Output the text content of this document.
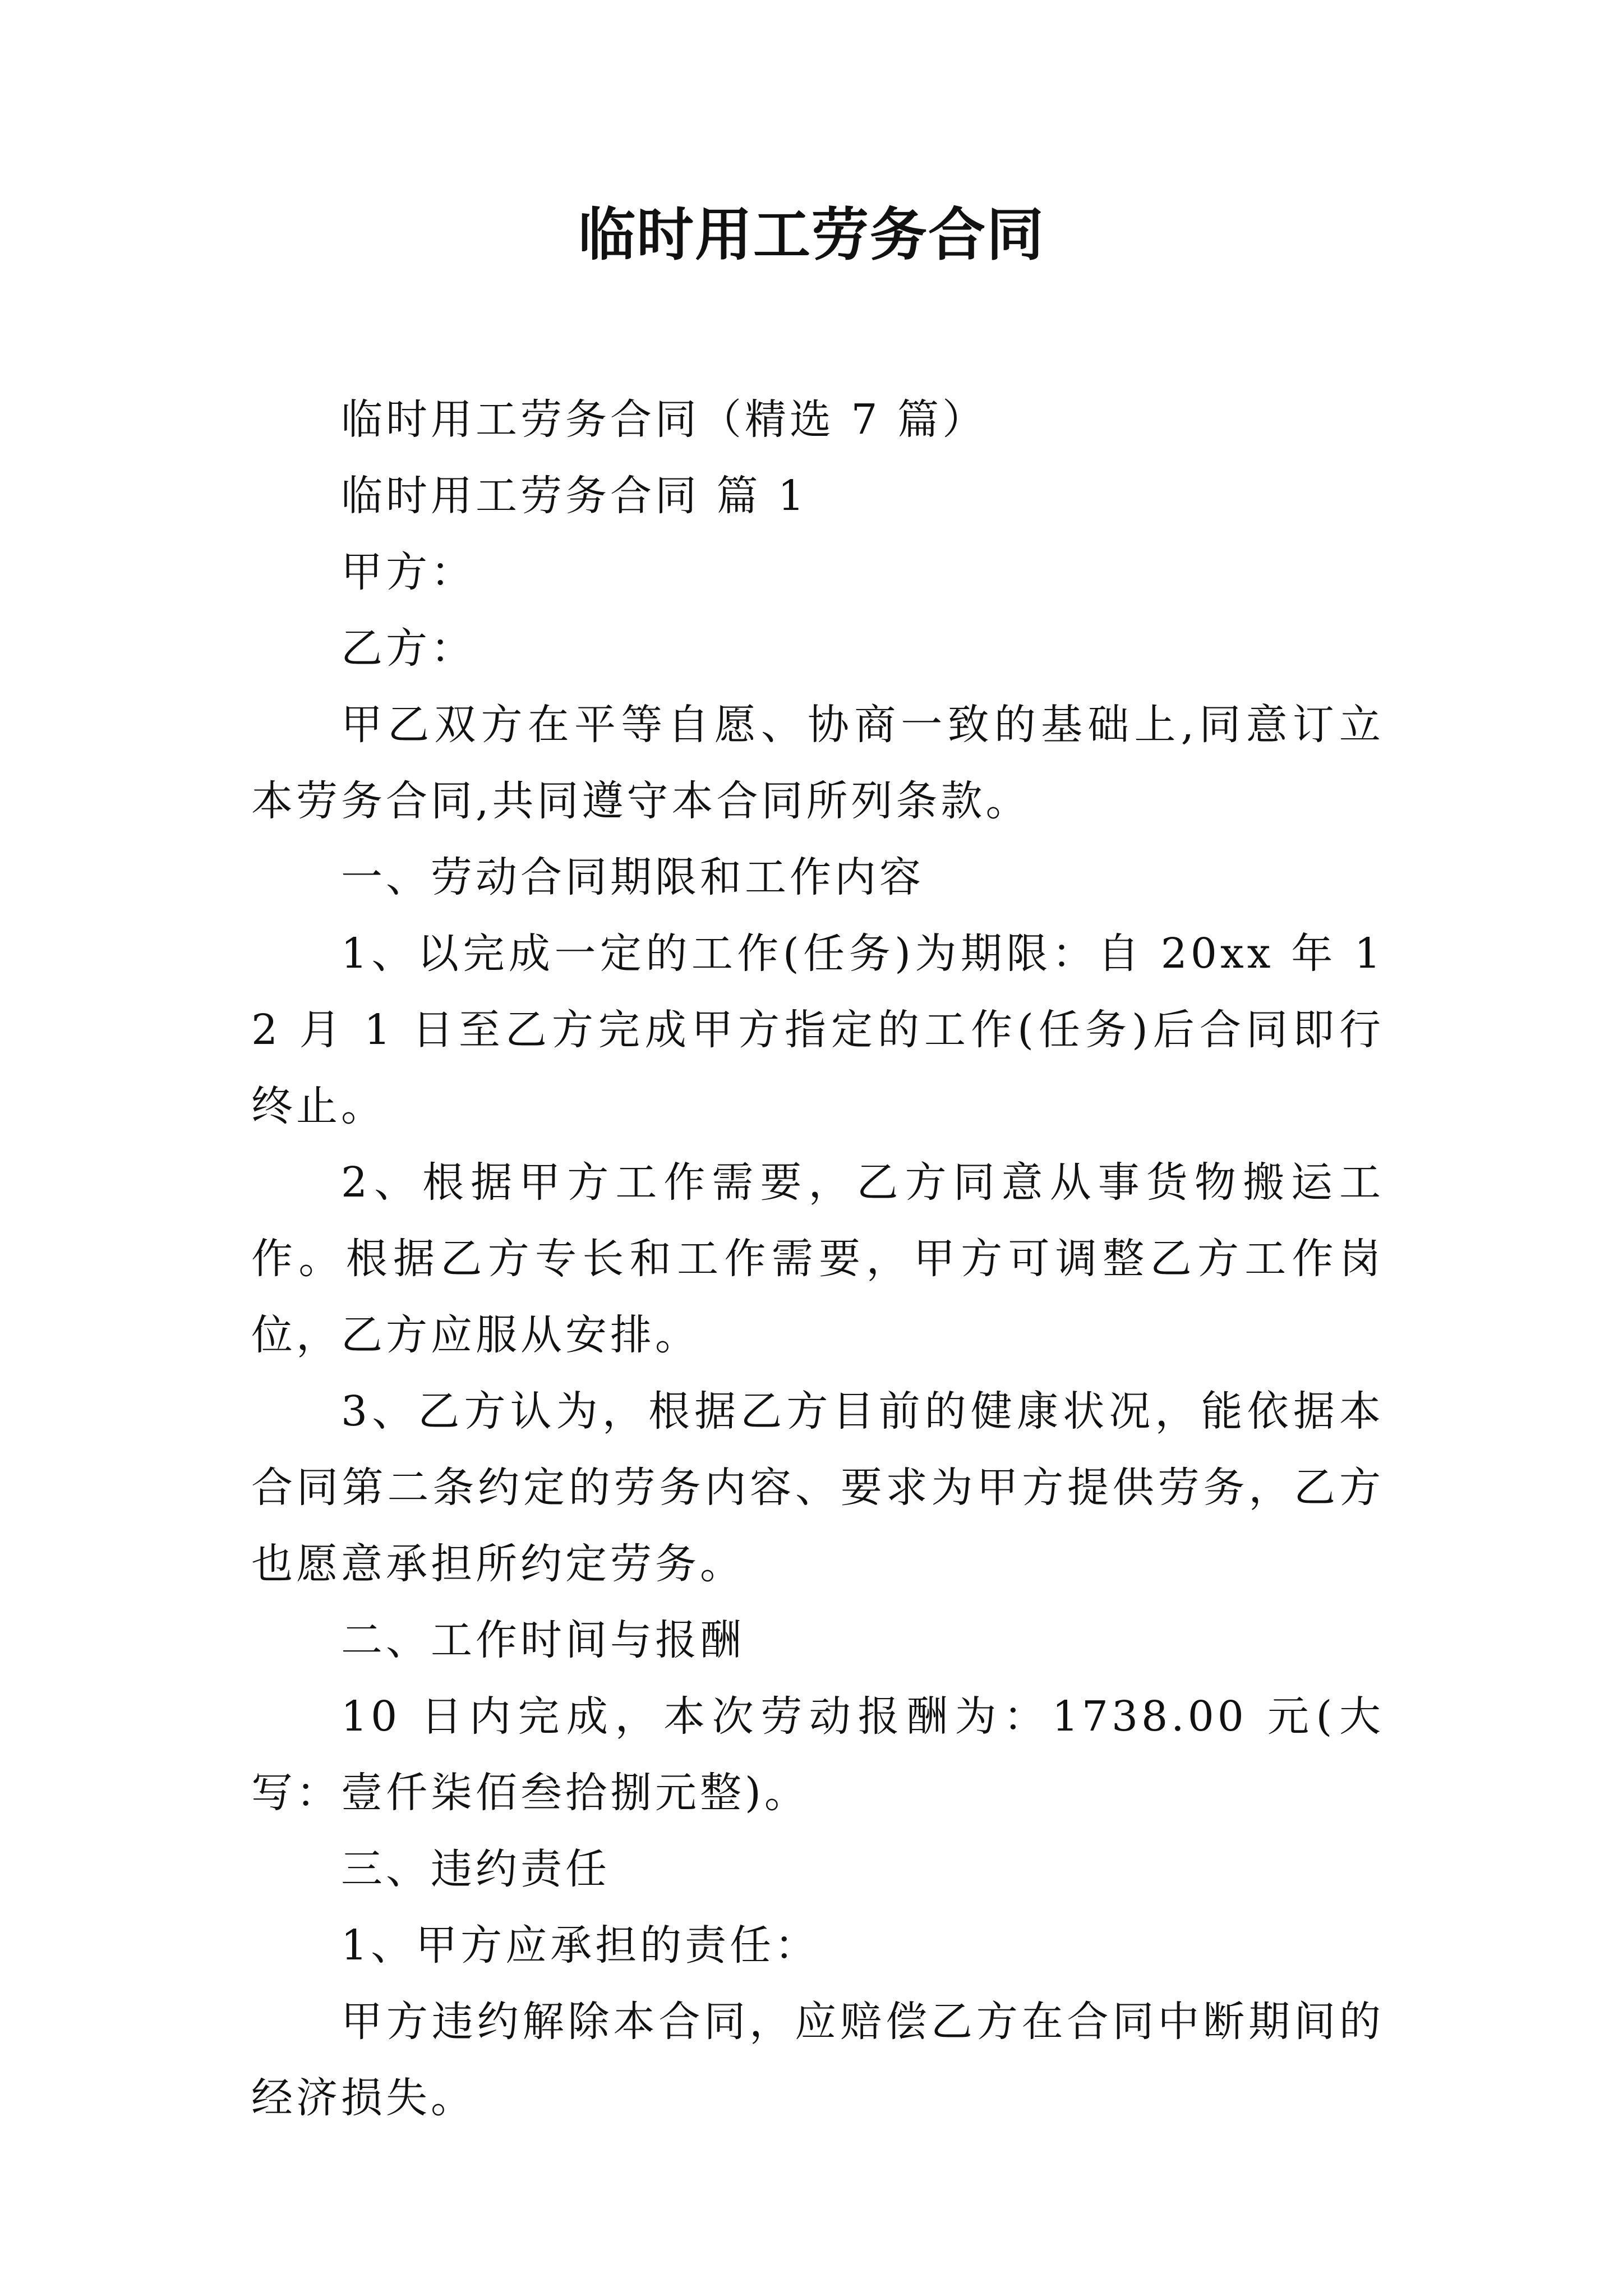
临时用工劳务合同

临时用工劳务合同（精选 7 篇）

临时用工劳务合同 篇 1

甲方：

乙方：

甲乙双方在平等自愿、协商一致的基础上,同意订立本劳务合同,共同遵守本合同所列条款。

一、劳动合同期限和工作内容

1、以完成一定的工作(任务)为期限：自 20xx 年 12 月 1 日至乙方完成甲方指定的工作(任务)后合同即行终止。

2、根据甲方工作需要，乙方同意从事货物搬运工作。根据乙方专长和工作需要，甲方可调整乙方工作岗位，乙方应服从安排。

3、乙方认为，根据乙方目前的健康状况，能依据本合同第二条约定的劳务内容、要求为甲方提供劳务，乙方也愿意承担所约定劳务。

二、工作时间与报酬

10 日内完成，本次劳动报酬为：1738.00 元(大写：壹仟柒佰叁拾捌元整)。

三、违约责任

1、甲方应承担的责任：

甲方违约解除本合同，应赔偿乙方在合同中断期间的经济损失。
